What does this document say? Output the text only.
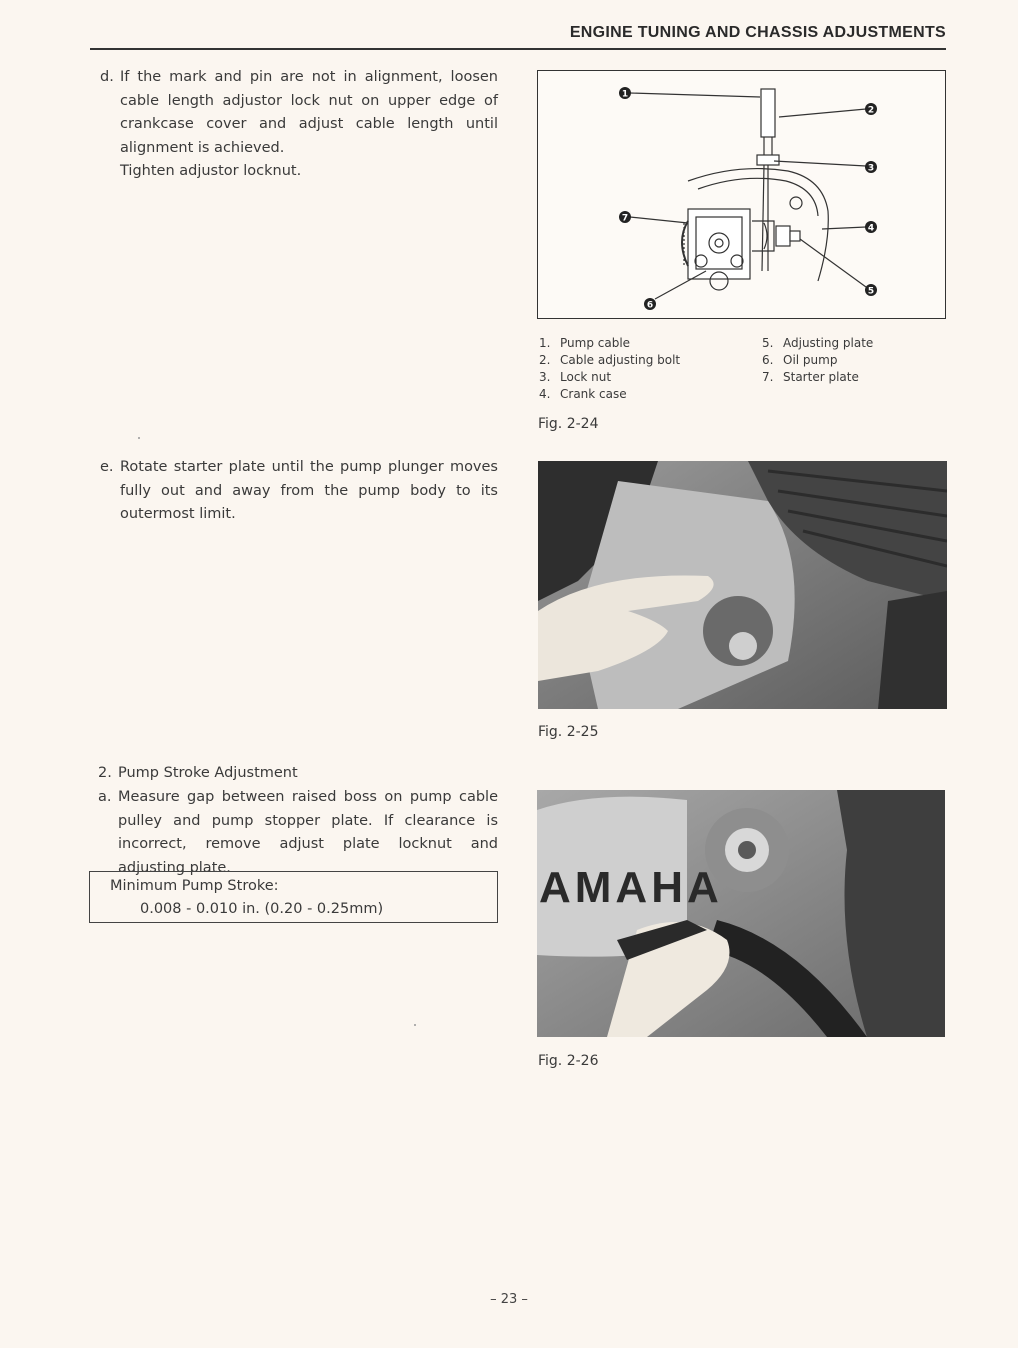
ENGINE TUNING AND CHASSIS ADJUSTMENTS
d. If the mark and pin are not in alignment, loosen cable length adjustor lock nut on upper edge of crankcase cover and adjust cable length until alignment is achieved.
Tighten adjustor locknut.
1
2
3
4
5
6
7
1. Pump cable
2. Cable adjusting bolt
3. Lock nut
4. Crank case
5. Adjusting plate
6. Oil pump
7. Starter plate
Fig. 2-24
e. Rotate starter plate until the pump plunger moves fully out and away from the pump body to its outermost limit.
Fig. 2-25
2. Pump Stroke Adjustment
a. Measure gap between raised boss on pump cable pulley and pump stopper plate. If clearance is incorrect, remove adjust plate locknut and adjusting plate.
Minimum Pump Stroke:
0.008 - 0.010 in. (0.20 - 0.25mm)	AMAHA
Fig. 2-26
– 23 –
